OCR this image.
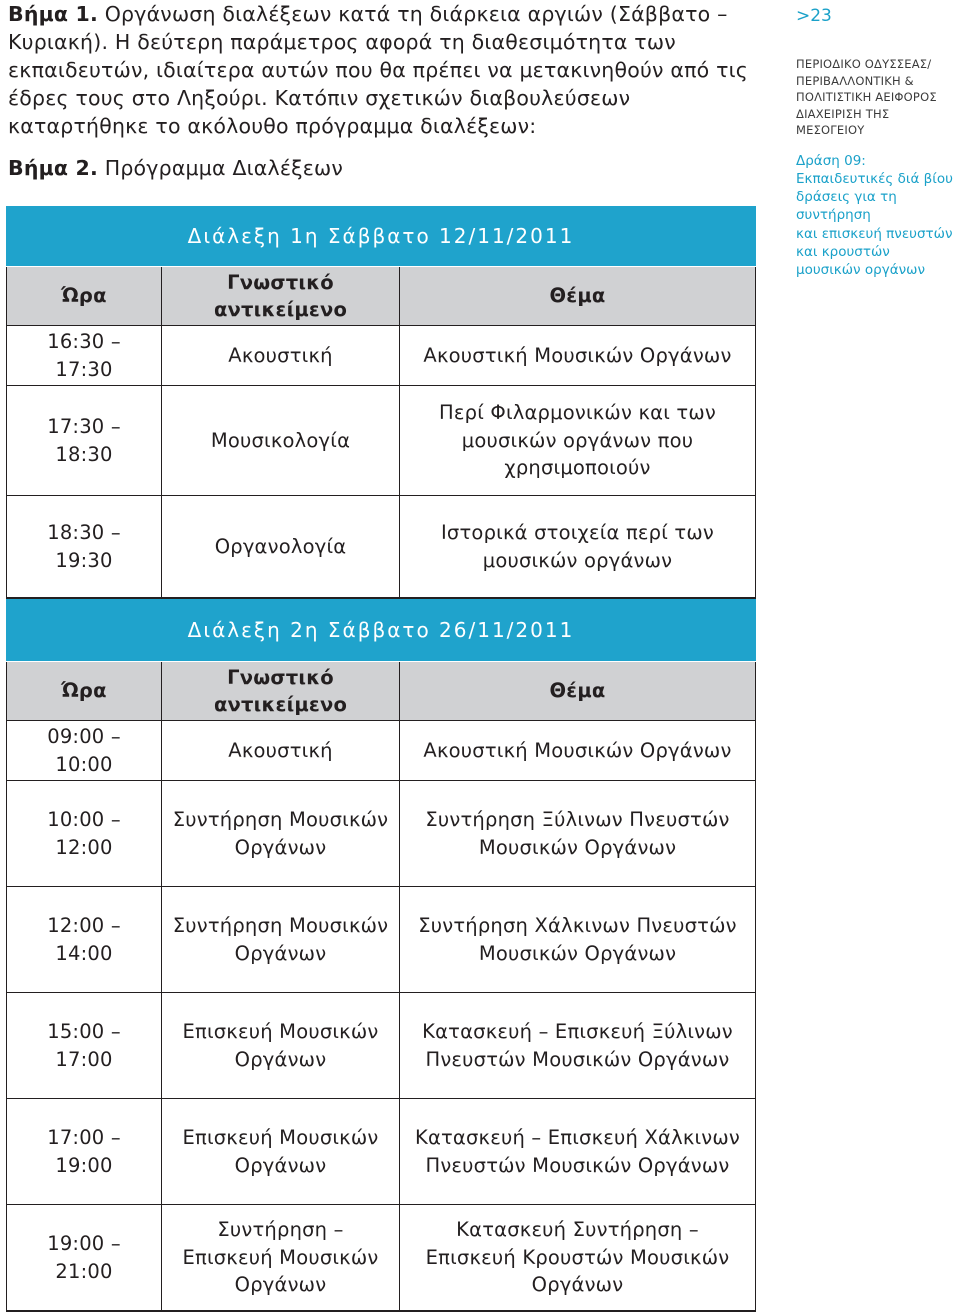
Βήμα 1. Οργάνωση διαλέξεων κατά τη διάρκεια αργιών (Σάββατο – Κυριακή). Η δεύτερη παράμετρος αφορά τη διαθεσιμότητα των εκπαιδευτών, ιδιαίτερα αυτών που θα πρέπει να μετακινηθούν από τις έδρες τους στο Ληξούρι. Κατόπιν σχετικών διαβουλεύσεων καταρτήθηκε το ακόλουθο πρόγραμμα διαλέξεων:

Βήμα 2. Πρόγραμμα Διαλέξεων

>23
ΠΕΡΙΟΔΙΚΟ ΟΔΥΣΣΕΑΣ/
ΠΕΡΙΒΑΛΛΟΝΤΙΚΗ &
ΠΟΛΙΤΙΣΤΙΚΗ ΑΕΙΦΟΡΟΣ
ΔΙΑΧΕΙΡΙΣΗ ΤΗΣ ΜΕΣΟΓΕΙΟΥ
Δράση 09:
Εκπαιδευτικές διά βίου
δράσεις για τη συντήρηση
και επισκευή πνευστών
και κρουστών
μουσικών οργάνων
Διάλεξη 1η Σάββατο 12/11/2011
Ώρα
Γνωστικό αντικείμενο
Θέμα
16:30 – 17:30
Ακουστική	Ακουστική Μουσικών Οργάνων
17:30 – 18:30
Μουσικολογία
Περί Φιλαρμονικών και των μουσικών οργάνων που χρησιμοποιούν
18:30 – 19:30
Οργανολογία
Ιστορικά στοιχεία περί των μουσικών οργάνων
Διάλεξη 2η Σάββατο 26/11/2011
Ώρα
Γνωστικό αντικείμενο
Θέμα
09:00 – 10:00
Ακουστική	Ακουστική Μουσικών Οργάνων
10:00 – 12:00
Συντήρηση Μουσικών Οργάνων
Συντήρηση Ξύλινων Πνευστών Μουσικών Οργάνων
12:00 – 14:00
Συντήρηση Μουσικών Οργάνων
Συντήρηση Χάλκινων Πνευστών Μουσικών Οργάνων
15:00 – 17:00
Επισκευή Μουσικών Οργάνων
Κατασκευή – Επισκευή Ξύλινων Πνευστών Μουσικών Οργάνων
17:00 – 19:00
Επισκευή Μουσικών Οργάνων
Κατασκευή – Επισκευή Χάλκινων Πνευστών Μουσικών Οργάνων
19:00 – 21:00
Συντήρηση – Επισκευή Μουσικών Οργάνων
Κατασκευή Συντήρηση – Επισκευή Κρουστών Μουσικών Οργάνων
